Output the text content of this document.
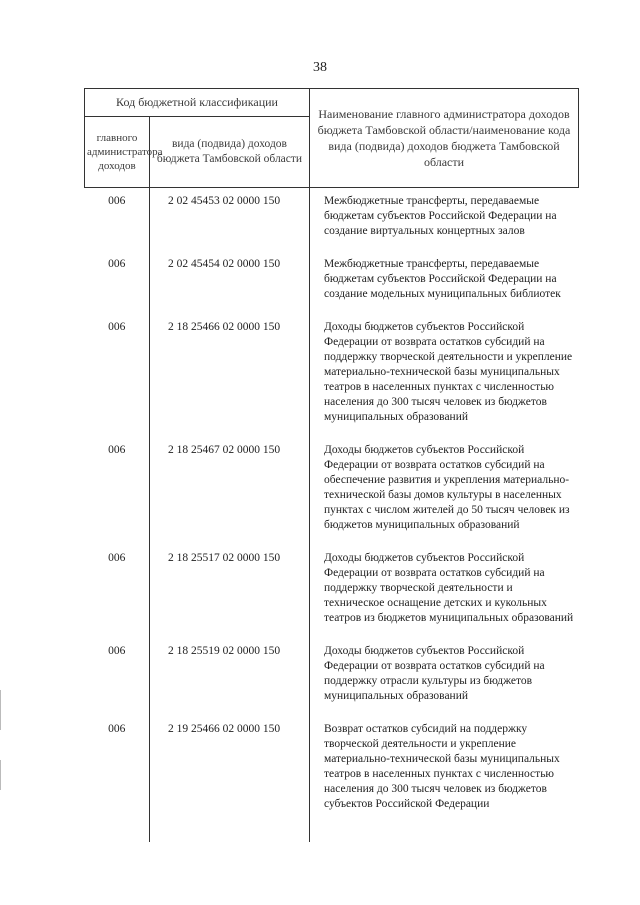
38
Код бюджетной классификации		Наименование главного администратора доходов бюджета Тамбовской области/наименование кода вида (подвида) доходов бюджета Тамбовской области
главного администратора доходов	вида (подвида) доходов бюджета Тамбовской области	
006	2 02 45453 02 0000 150	Межбюджетные трансферты, передаваемые бюджетам субъектов Российской Федерации на создание виртуальных концертных залов
006	2 02 45454 02 0000 150	Межбюджетные трансферты, передаваемые бюджетам субъектов Российской Федерации на создание модельных муниципальных библиотек
006	2 18 25466 02 0000 150	Доходы бюджетов субъектов Российской Федерации от возврата остатков субсидий на поддержку творческой деятельности и укрепление материально-технической базы муниципальных театров в населенных пунктах с численностью населения до 300 тысяч человек из бюджетов муниципальных образований
006	2 18 25467 02 0000 150	Доходы бюджетов субъектов Российской Федерации от возврата остатков субсидий на обеспечение развития и укрепления материально-технической базы домов культуры в населенных пунктах с числом жителей до 50 тысяч человек из бюджетов муниципальных образований
006	2 18 25517 02 0000 150	Доходы бюджетов субъектов Российской Федерации от возврата остатков субсидий на поддержку творческой деятельности и техническое оснащение детских и кукольных театров из бюджетов муниципальных образований
006	2 18 25519 02 0000 150	Доходы бюджетов субъектов Российской Федерации от возврата остатков субсидий на поддержку отрасли культуры из бюджетов муниципальных образований
006	2 19 25466 02 0000 150	Возврат остатков субсидий на поддержку творческой деятельности и укрепление материально-технической базы муниципальных театров в населенных пунктах с численностью населения до 300 тысяч человек из бюджетов субъектов Российской Федерации
